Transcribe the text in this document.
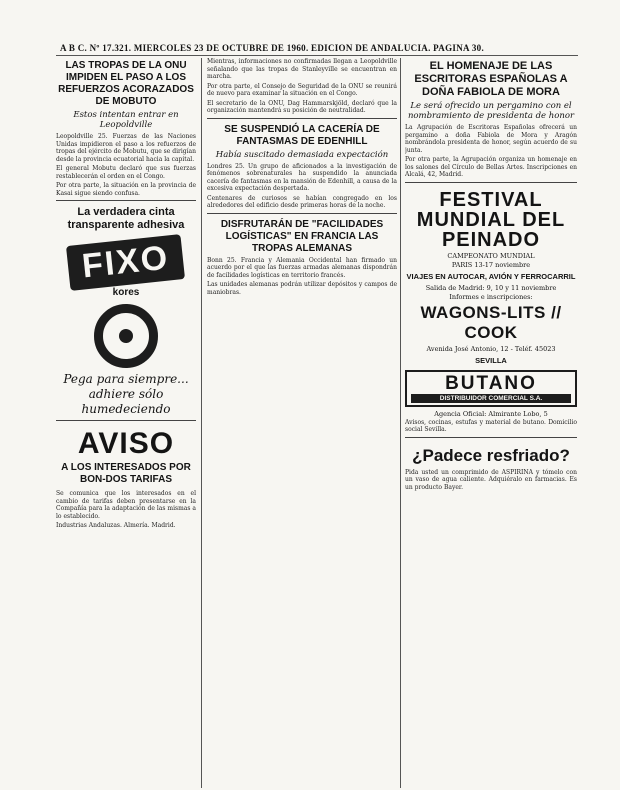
A B C. Nº 17.321. MIERCOLES 23 DE OCTUBRE DE 1960. EDICION DE ANDALUCIA. PAGINA 30.
LAS TROPAS DE LA ONU IMPIDEN EL PASO A LOS REFUERZOS ACORAZADOS DE MOBUTO
Estos intentan entrar en Leopoldville

Leopoldville 25. Fuerzas de las Naciones Unidas impidieron el paso a los refuerzos de tropas del ejército de Mobutu, que se dirigían desde la provincia ecuatorial hacia la capital.

El general Mobutu declaró que sus fuerzas restablecerán el orden en el Congo.

Por otra parte, la situación en la provincia de Kasai sigue siendo confusa.

La verdadera cinta transparente adhesiva
FIXO
kores
Pega para siempre... adhiere sólo humedeciendo
AVISO
A LOS INTERESADOS POR BON-DOS TARIFAS

Se comunica que los interesados en el cambio de tarifas deben presentarse en la Compañía para la adaptación de las mismas a lo establecido.

Industrias Andaluzas. Almería. Madrid.

Mientras, informaciones no confirmadas llegan a Leopoldville señalando que las tropas de Stanleyville se encuentran en marcha.

Por otra parte, el Consejo de Seguridad de la ONU se reunirá de nuevo para examinar la situación en el Congo.

El secretario de la ONU, Dag Hammarskjöld, declaró que la organización mantendrá su posición de neutralidad.

SE SUSPENDIÓ LA CACERÍA DE FANTASMAS DE EDENHILL
Había suscitado demasiada expectación

Londres 25. Un grupo de aficionados a la investigación de fenómenos sobrenaturales ha suspendido la anunciada cacería de fantasmas en la mansión de Edenhill, a causa de la excesiva expectación despertada.

Centenares de curiosos se habían congregado en los alrededores del edificio desde primeras horas de la noche.

DISFRUTARÁN DE "FACILIDADES LOGÍSTICAS" EN FRANCIA LAS TROPAS ALEMANAS

Bonn 25. Francia y Alemania Occidental han firmado un acuerdo por el que las fuerzas armadas alemanas dispondrán de facilidades logísticas en territorio francés.

Las unidades alemanas podrán utilizar depósitos y campos de maniobras.

EL HOMENAJE DE LAS ESCRITORAS ESPAÑOLAS A DOÑA FABIOLA DE MORA
Le será ofrecido un pergamino con el nombramiento de presidenta de honor

La Agrupación de Escritoras Españolas ofrecerá un pergamino a doña Fabiola de Mora y Aragón nombrándola presidenta de honor, según acuerdo de su junta.

Por otra parte, la Agrupación organiza un homenaje en los salones del Círculo de Bellas Artes. Inscripciones en Alcalá, 42, Madrid.

FESTIVAL MUNDIAL DEL PEINADO
CAMPEONATO MUNDIAL
PARIS 13-17 noviembre
VIAJES EN AUTOCAR, AVIÓN Y FERROCARRIL
Salida de Madrid: 9, 10 y 11 noviembre
Informes e inscripciones:
WAGONS-LITS // COOK
Avenida José Antonio, 12 - Teléf. 45023
SEVILLA
BUTANO
DISTRIBUIDOR COMERCIAL S.A.
Agencia Oficial: Almirante Lobo, 5

Avisos, cocinas, estufas y material de butano. Domicilio social Sevilla.

¿Padece resfriado?

Pida usted un comprimido de ASPIRINA y tómelo con un vaso de agua caliente. Adquiéralo en farmacias. Es un producto Bayer.
